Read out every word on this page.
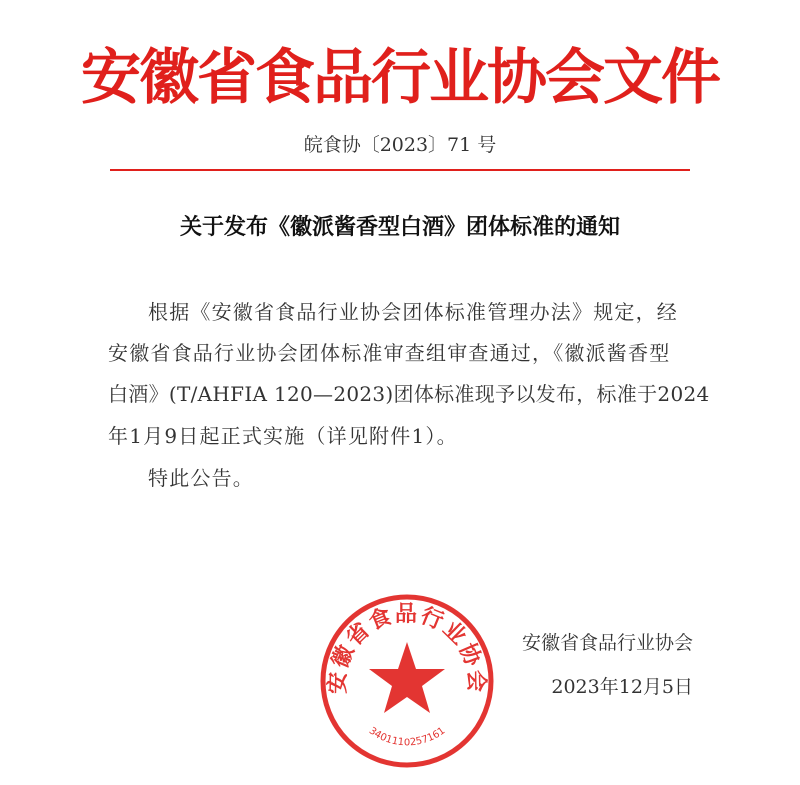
安徽省食品行业协会文件
皖食协〔2023〕71 号
关于发布《徽派酱香型白酒》团体标准的通知
根据《安徽省食品行业协会团体标准管理办法》规定，经
安徽省食品行业协会团体标准审查组审查通过，《徽派酱香型
白酒》(T/AHFIA 120—2023)团体标准现予以发布，标准于2024
年1月9日起正式实施（详见附件1）。
特此公告。
安徽省食品行业协会
3401110257161
安徽省食品行业协会
2023年12月5日
